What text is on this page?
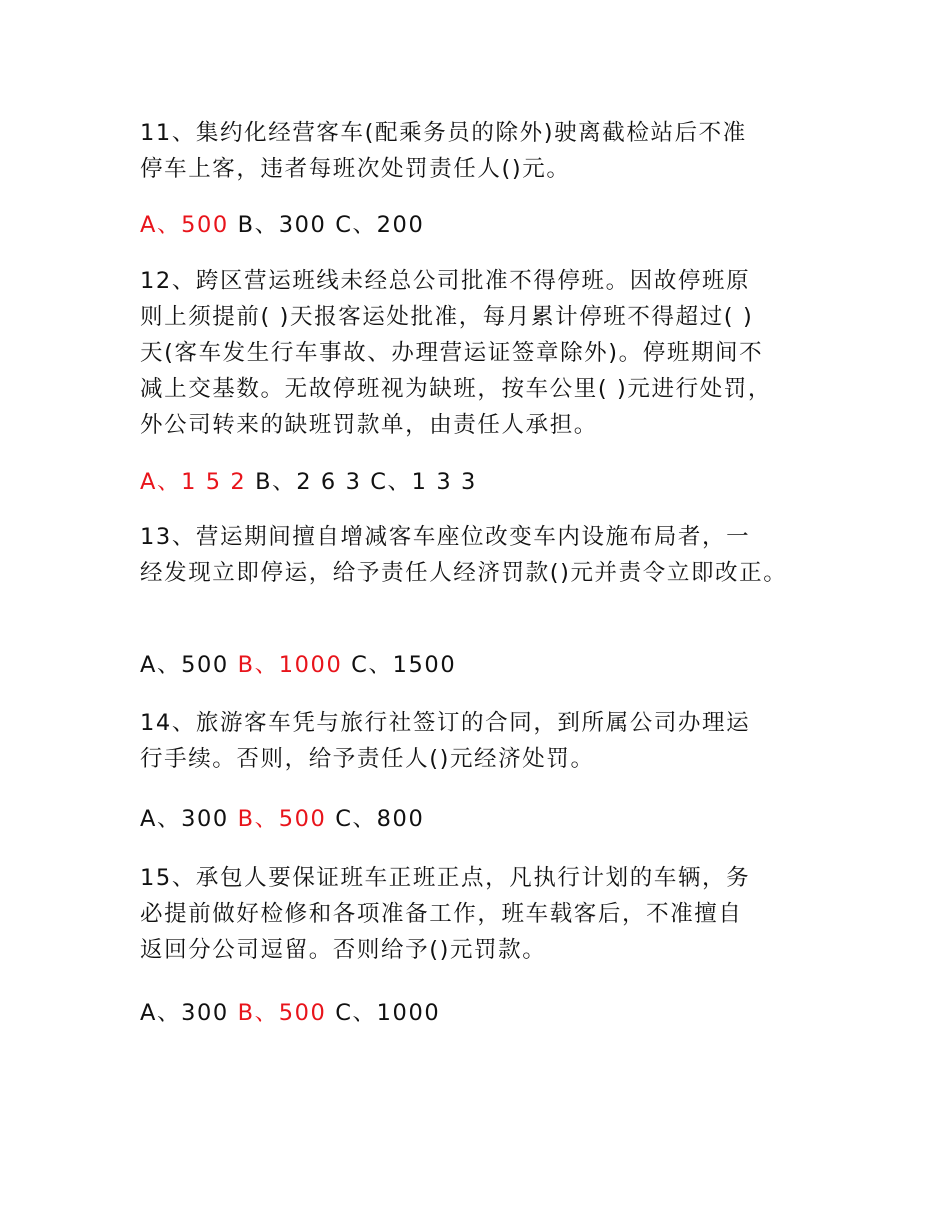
11、集约化经营客车(配乘务员的除外)驶离截检站后不准
停车上客，违者每班次处罚责任人()元。
A、500 B、300 C、200
12、跨区营运班线未经总公司批准不得停班。因故停班原
则上须提前( )天报客运处批准，每月累计停班不得超过( )
天(客车发生行车事故、办理营运证签章除外)。停班期间不
减上交基数。无故停班视为缺班，按车公里( )元进行处罚，
外公司转来的缺班罚款单，由责任人承担。
A、1 5 2 B、2 6 3 C、1 3 3
13、营运期间擅自增减客车座位改变车内设施布局者，一
经发现立即停运，给予责任人经济罚款()元并责令立即改正。
A、500 B、1000 C、1500
14、旅游客车凭与旅行社签订的合同，到所属公司办理运
行手续。否则，给予责任人()元经济处罚。
A、300 B、500 C、800
15、承包人要保证班车正班正点，凡执行计划的车辆，务
必提前做好检修和各项准备工作，班车载客后，不准擅自
返回分公司逗留。否则给予()元罚款。
A、300 B、500 C、1000
